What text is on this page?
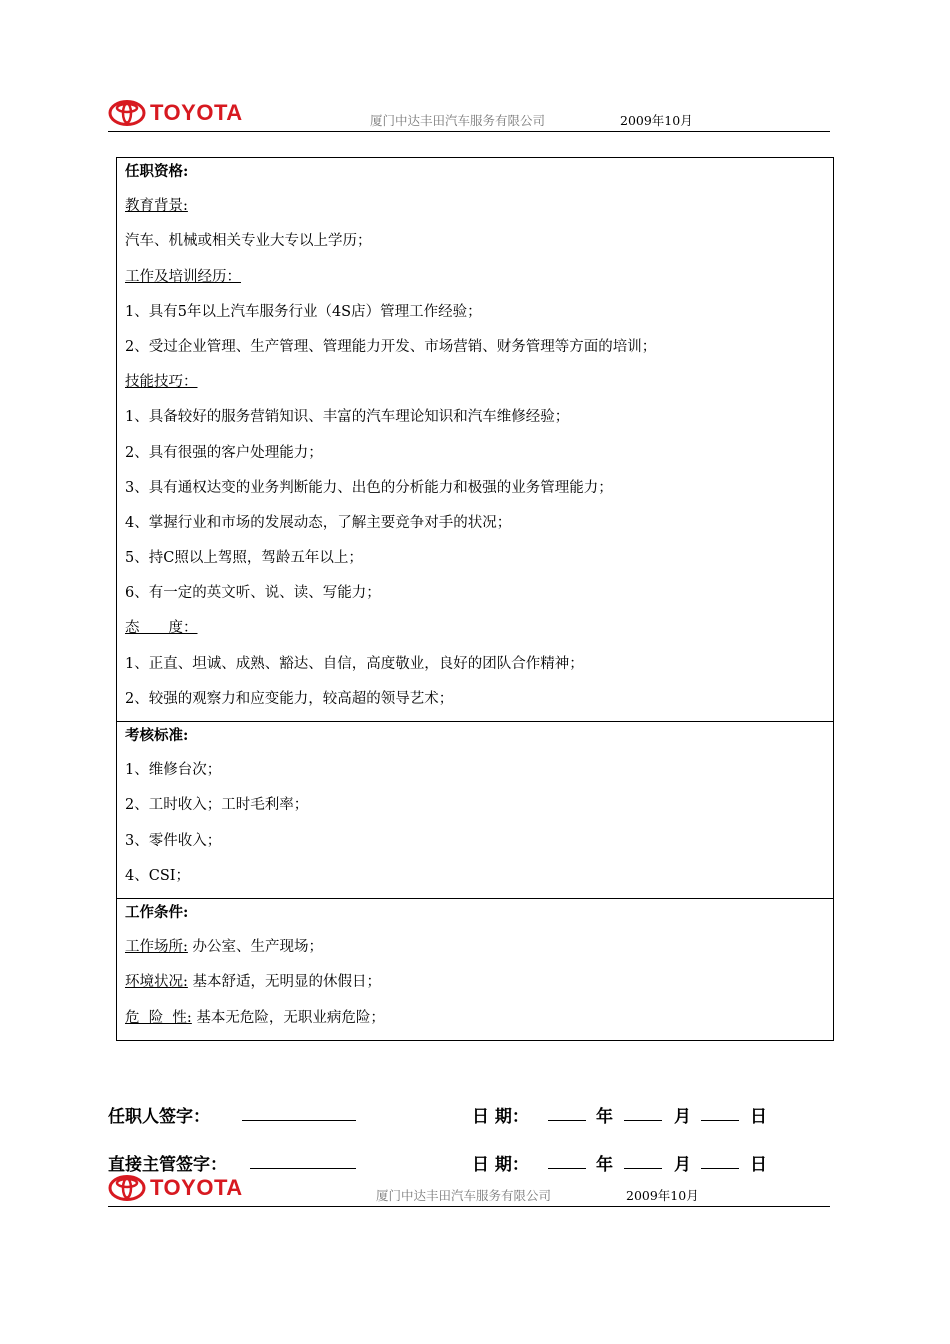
TOYOTA	厦门中达丰田汽车服务有限公司	2009年10月
任职资格:
教育背景:
汽车、机械或相关专业大专以上学历；
工作及培训经历：
1、具有5年以上汽车服务行业（4S店）管理工作经验；
2、受过企业管理、生产管理、管理能力开发、市场营销、财务管理等方面的培训；
技能技巧：
1、具备较好的服务营销知识、丰富的汽车理论知识和汽车维修经验；
2、具有很强的客户处理能力；
3、具有通权达变的业务判断能力、出色的分析能力和极强的业务管理能力；
4、掌握行业和市场的发展动态，了解主要竞争对手的状况；
5、持C照以上驾照，驾龄五年以上；
6、有一定的英文听、说、读、写能力；
态　　度：
1、正直、坦诚、成熟、豁达、自信，高度敬业，良好的团队合作精神；
2、较强的观察力和应变能力，较高超的领导艺术；
考核标准:
1、维修台次；
2、工时收入；工时毛利率；
3、零件收入；
4、CSI；
工作条件:
工作场所: 办公室、生产现场；
环境状况: 基本舒适，无明显的休假日；
危  险  性: 基本无危险，无职业病危险；
任职人签字：	日 期：	年	月	日
直接主管签字：	日 期：	年	月	日
TOYOTA	厦门中达丰田汽车服务有限公司	2009年10月
